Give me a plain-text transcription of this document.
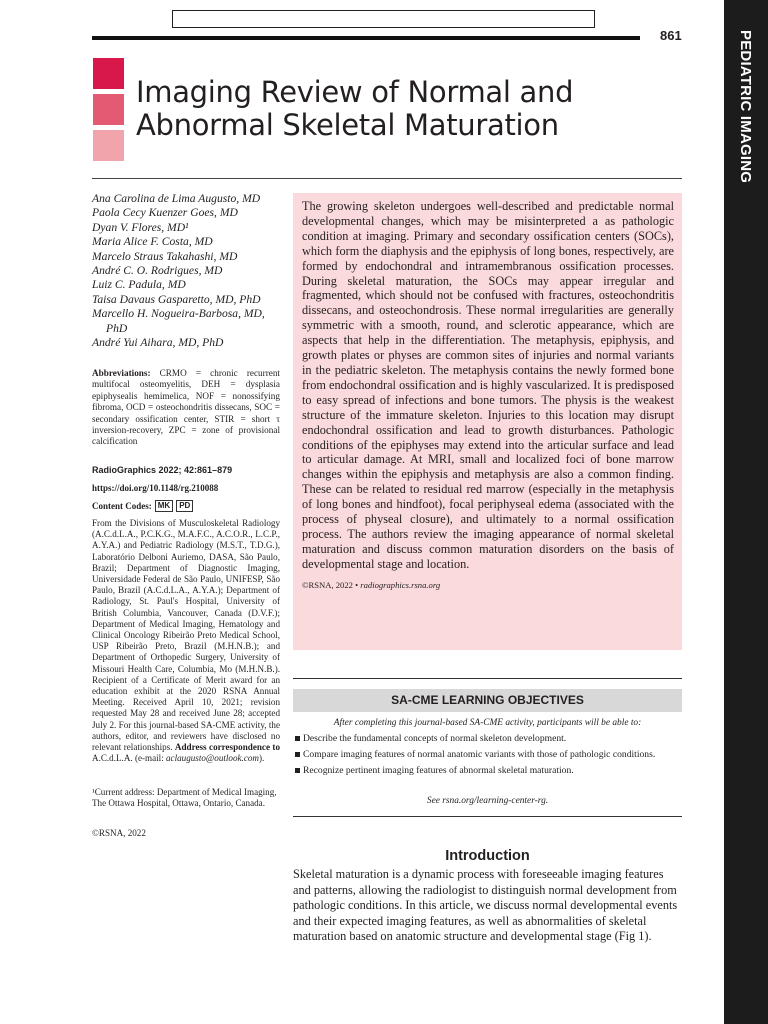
861	PEDIATRIC IMAGING
Imaging Review of Normal and
Abnormal Skeletal Maturation
Ana Carolina de Lima Augusto, MD
Paola Cecy Kuenzer Goes, MD
Dyan V. Flores, MD¹
Maria Alice F. Costa, MD
Marcelo Straus Takahashi, MD
André C. O. Rodrigues, MD
Luiz C. Padula, MD
Taisa Davaus Gasparetto, MD, PhD
Marcello H. Nogueira-Barbosa, MD,
PhD
André Yui Aihara, MD, PhD
Abbreviations: CRMO = chronic recurrent multifocal osteomyelitis, DEH = dysplasia epiphysealis hemimelica, NOF = nonossifying fibroma, OCD = osteochondritis dissecans, SOC = secondary ossification center, STIR = short τ inversion-recovery, ZPC = zone of provisional calcification
RadioGraphics 2022; 42:861–879
https://doi.org/10.1148/rg.210088
Content Codes: MK	PD
From the Divisions of Musculoskeletal Radiology (A.C.d.L.A., P.C.K.G., M.A.F.C., A.C.O.R., L.C.P., A.Y.A.) and Pediatric Radiology (M.S.T., T.D.G.), Laboratório Delboni Auriemo, DASA, São Paulo, Brazil; Department of Diagnostic Imaging, Universidade Federal de São Paulo, UNIFESP, São Paulo, Brazil (A.C.d.L.A., A.Y.A.); Department of Radiology, St. Paul's Hospital, University of British Columbia, Vancouver, Canada (D.V.F.); Department of Medical Imaging, Hematology and Clinical Oncology Ribeirão Preto Medical School, USP Ribeirão Preto, Brazil (M.H.N.B.); and Department of Orthopedic Surgery, University of Missouri Health Care, Columbia, Mo (M.H.N.B.). Recipient of a Certificate of Merit award for an education exhibit at the 2020 RSNA Annual Meeting. Received April 10, 2021; revision requested May 28 and received June 28; accepted July 2. For this journal-based SA-CME activity, the authors, editor, and reviewers have disclosed no relevant relationships. Address correspondence to A.C.d.L.A. (e-mail: aclaugusto@outlook.com).
¹Current address: Department of Medical Imaging, The Ottawa Hospital, Ottawa, Ontario, Canada.
©RSNA, 2022

The growing skeleton undergoes well-described and predictable normal developmental changes, which may be misinterpreted a as pathologic condition at imaging. Primary and secondary ossification centers (SOCs), which form the diaphysis and the epiphysis of long bones, respectively, are formed by endochondral and intramembranous ossification processes. During skeletal maturation, the SOCs may appear irregular and fragmented, which should not be confused with fractures, osteochondritis dissecans, and osteochondrosis. These normal irregularities are generally symmetric with a smooth, round, and sclerotic appearance, which are aspects that help in the differentiation. The metaphysis, epiphysis, and growth plates or physes are common sites of injuries and normal variants in the pediatric skeleton. The metaphysis contains the newly formed bone from endochondral ossification and is highly vascularized. It is predisposed to easy spread of infections and bone tumors. The physis is the weakest structure of the immature skeleton. Injuries to this location may disrupt endochondral ossification and lead to growth disturbances. Pathologic conditions of the epiphyses may extend into the articular surface and lead to articular damage. At MRI, small and localized foci of bone marrow changes within the epiphysis and metaphysis are also a common finding. These can be related to residual red marrow (especially in the metaphysis of long bones and hindfoot), focal periphyseal edema (associated with the process of physeal closure), and ultimately to a normal ossification process. The authors review the imaging appearance of normal skeletal maturation and discuss common maturation disorders on the basis of developmental stage and location.

©RSNA, 2022 • radiographics.rsna.org

SA-CME LEARNING OBJECTIVES
After completing this journal-based SA-CME activity, participants will be able to:
Describe the fundamental concepts of normal skeleton development.
Compare imaging features of normal anatomic variants with those of pathologic conditions.
Recognize pertinent imaging features of abnormal skeletal maturation.
See rsna.org/learning-center-rg.
Introduction

Skeletal maturation is a dynamic process with foreseeable imaging features and patterns, allowing the radiologist to distinguish normal development from pathologic conditions. In this article, we discuss normal developmental events and their expected imaging features, as well as abnormalities of skeletal maturation based on anatomic structure and developmental stage (Fig 1).
